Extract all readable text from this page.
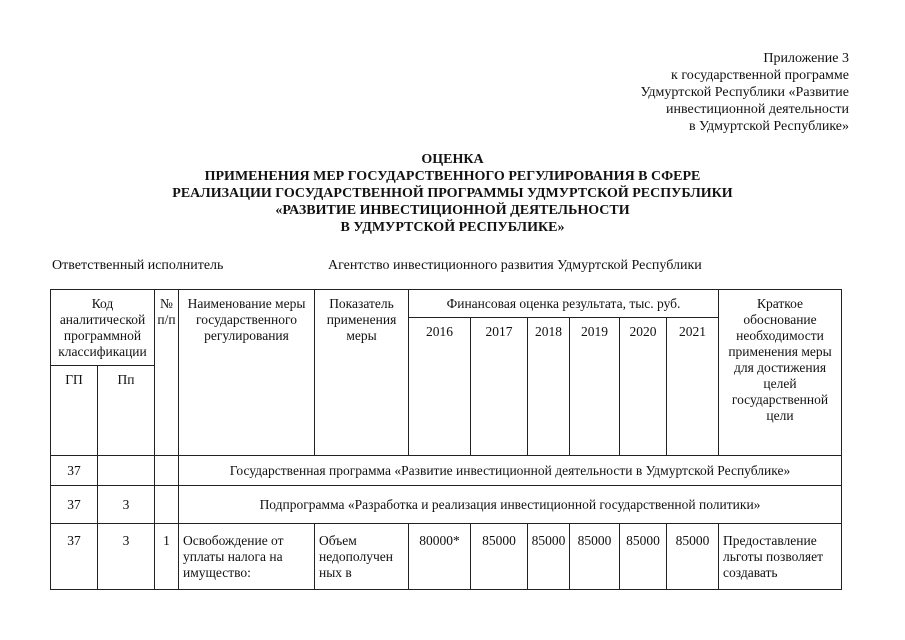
Приложение 3
к государственной программе
Удмуртской Республики «Развитие
инвестиционной деятельности
в Удмуртской Республике»
ОЦЕНКА
ПРИМЕНЕНИЯ МЕР ГОСУДАРСТВЕННОГО РЕГУЛИРОВАНИЯ В СФЕРЕ
РЕАЛИЗАЦИИ ГОСУДАРСТВЕННОЙ ПРОГРАММЫ УДМУРТСКОЙ РЕСПУБЛИКИ
«РАЗВИТИЕ ИНВЕСТИЦИОННОЙ ДЕЯТЕЛЬНОСТИ
В УДМУРТСКОЙ РЕСПУБЛИКЕ»
Ответственный исполнитель	Агентство инвестиционного развития Удмуртской Республики
Код аналитической программной классификации		№ п/п	Наименование меры государственного регулирования	Показатель применения меры	Финансовая оценка результата, тыс. руб.						Краткое обоснование необходимости применения меры для достижения целей государственной цели
					2016	2017	2018	2019	2020	2021	
ГП	Пп										
37			Государственная программа «Развитие инвестиционной деятельности в Удмуртской Республике»								
37	3		Подпрограмма «Разработка и реализация инвестиционной государственной политики»								
37	3	1	Освобождение от уплаты налога на имущество:	Объем недополучен ных в	80000*	85000	85000	85000	85000	85000	Предоставление льготы позволяет создавать
